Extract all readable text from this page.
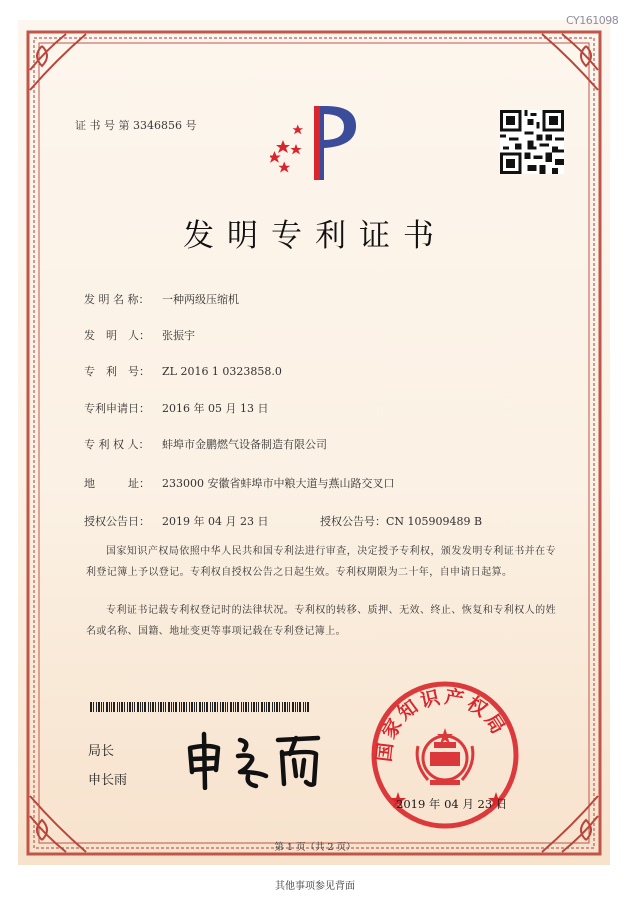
CY161098
证 书 号 第 3346856 号
发明专利证书
发 明 名 称： 一种两级压缩机
发　明　人： 张振宇
专　利　号： ZL 2016 1 0323858.0
专利申请日： 2016 年 05 月 13 日
专 利 权 人： 蚌埠市金鹏燃气设备制造有限公司
地　　　址： 233000 安徽省蚌埠市中粮大道与燕山路交叉口
授权公告日： 2019 年 04 月 23 日	授权公告号：CN 105909489 B
国家知识产权局依照中华人民共和国专利法进行审查，决定授予专利权，颁发发明专利证书并在专利登记簿上予以登记。专利权自授权公告之日起生效。专利权期限为二十年，自申请日起算。
专利证书记载专利权登记时的法律状况。专利权的转移、质押、无效、终止、恢复和专利权人的姓名或名称、国籍、地址变更等事项记载在专利登记簿上。
局长
申长雨
国家知识产权局
2019 年 04 月 23 日
第 1 页（共 2 页）
其他事项参见背面
